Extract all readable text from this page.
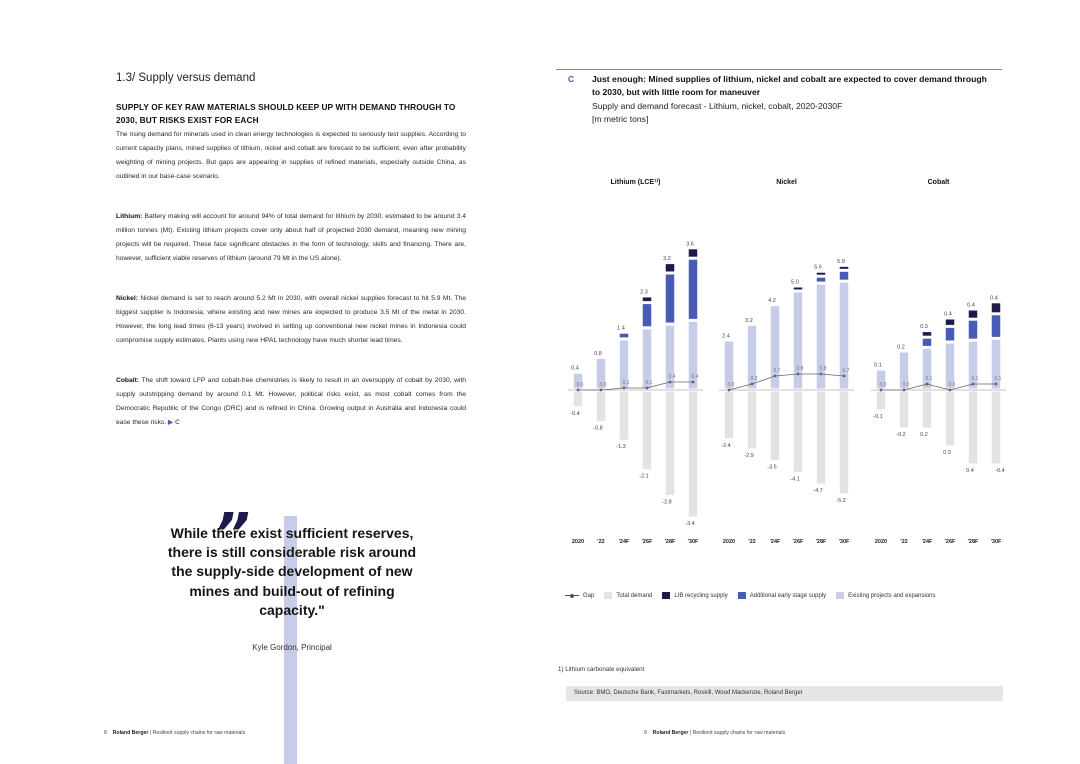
1.3/ Supply versus demand
SUPPLY OF KEY RAW MATERIALS SHOULD KEEP UP WITH DEMAND THROUGH TO 2030, BUT RISKS EXIST FOR EACH
The rising demand for minerals used in clean energy technologies is expected to seriously test supplies. According to current capacity plans, mined supplies of lithium, nickel and cobalt are forecast to be sufficient, even after probability weighting of mining projects. But gaps are appearing in supplies of refined materials, especially outside China, as outlined in our base-case scenario.
Lithium: Battery making will account for around 94% of total demand for lithium by 2030, estimated to be around 3.4 million tonnes (Mt). Existing lithium projects cover only about half of projected 2030 demand, meaning new mining projects will be required. These face significant obstacles in the form of technology, skills and financing. There are, however, sufficient viable reserves of lithium (around 79 Mt in the US alone).
Nickel: Nickel demand is set to reach around 5.2 Mt in 2030, with overall nickel supplies forecast to hit 5.9 Mt. The biggest supplier is Indonesia, where existing and new mines are expected to produce 3.5 Mt of the metal in 2030. However, the long lead times (6-13 years) involved in setting up conventional new nickel mines in Indonesia could compromise supply estimates. Plants using new HPAL technology have much shorter lead times.
Cobalt: The shift toward LFP and cobalt-free chemistries is likely to result in an oversupply of cobalt by 2030, with supply outstripping demand by around 0.1 Mt. However, political risks exist, as most cobalt comes from the Democratic Republic of the Congo (DRC) and is refined in China. Growing output in Australia and Indonesia could ease these risks. ▶ C
”
While there exist sufficient reserves, there is still considerable risk around the supply-side development of new mines and build-out of refining capacity."
Kyle Gordon, Principal
8 Roland Berger | Resilient supply chains for raw materials
C Just enough: Mined supplies of lithium, nickel and cobalt are expected to cover demand through to 2030, but with little room for maneuver
Supply and demand forecast - Lithium, nickel, cobalt, 2020-2030F
[m metric tons]
Lithium (LCE¹⁾)
-0.4
0.4
2020
-0.8
0.8
'22
-1.3
1.4
'24F
-2.1
2.3
'26F
-2.8
3.2
'28F
-3.4
3.6
'30F
0.0	0.0	0.1	0.1
0.4	0.4
Nickel
-2.4
2.4
2020
-2.9
3.2
'22
-3.5
4.2
'24F
-4.1
5.0
'26F
-4.7
5.6
'28F
-5.2
5.9
'30F
0.0
0.3
0.7	0.8	0.8	0.7
Cobalt
-0.1
0.1
2020
-0.2
0.2
'22
0.2
0.3
'24F
0.3
0.4
'26F
0.4
0.4
'28F
-0.4
0.4
'30F
0.0	0.0
0.1
0.0
0.1	0.1
Gap	Total demand	LIB recycling supply	Additional early stage supply	Existing projects and expansions
1) Lithium carbonate equivalent
Source: BMO, Deutsche Bank, Fastmarkets, Roskill, Wood Mackenzie, Roland Berger
9 Roland Berger | Resilient supply chains for raw materials
